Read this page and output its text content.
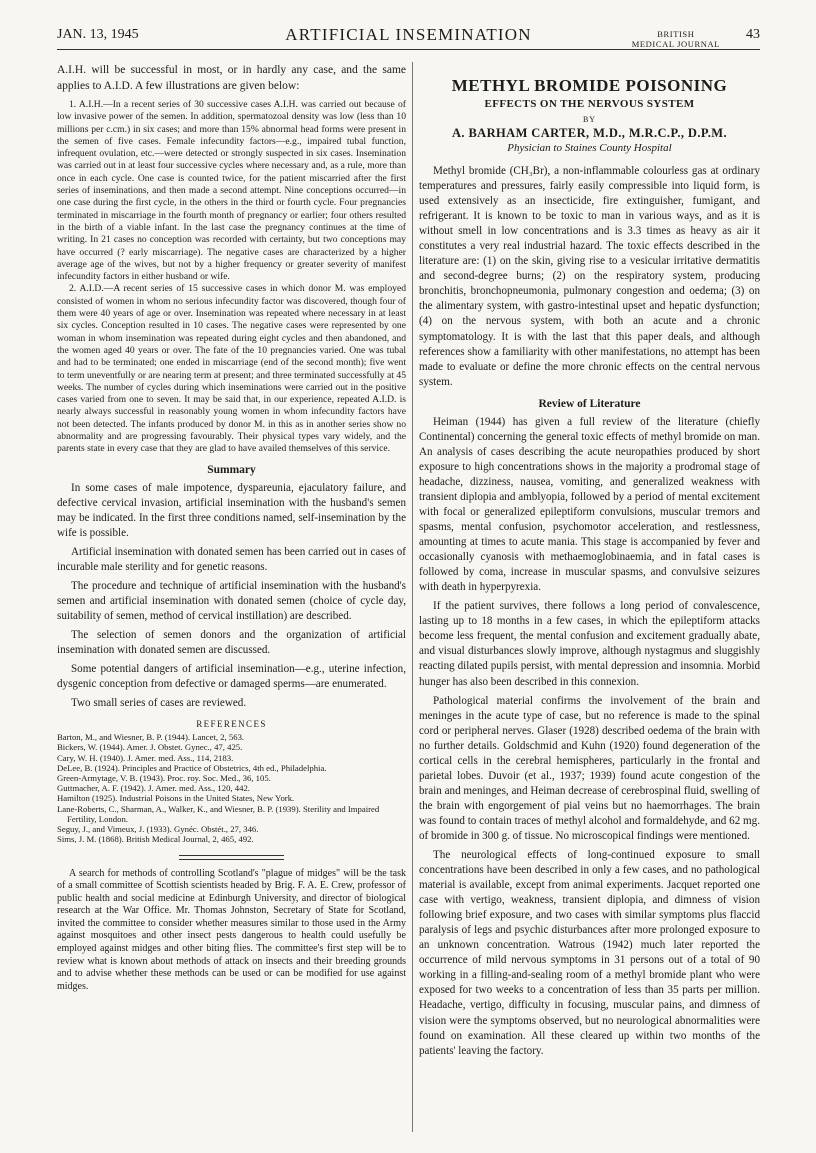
JAN. 13, 1945	ARTIFICIAL INSEMINATION	BRITISH
MEDICAL JOURNAL
43

A.I.H. will be successful in most, or in hardly any case, and the same applies to A.I.D. A few illustrations are given below:

1. A.I.H.—In a recent series of 30 successive cases A.I.H. was carried out because of low invasive power of the semen. In addition, spermatozoal density was low (less than 10 millions per c.cm.) in six cases; and more than 15% abnormal head forms were present in the semen of five cases. Female infecundity factors—e.g., impaired tubal function, infrequent ovulation, etc.—were detected or strongly suspected in six cases. Insemination was carried out in at least four successive cycles where necessary and, as a rule, more than once in each cycle. One case is counted twice, for the patient miscarried after the first series of inseminations, and then made a second attempt. Nine conceptions occurred—in one case during the first cycle, in the others in the third or fourth cycle. Four pregnancies terminated in miscarriage in the fourth month of pregnancy or earlier; four others resulted in the birth of a viable infant. In the last case the pregnancy continues at the time of writing. In 21 cases no conception was recorded with certainty, but two conceptions may have occurred (? early miscarriage). The negative cases are characterized by a higher average age of the wives, but not by a higher frequency or greater severity of manifest infecundity factors in either husband or wife.

2. A.I.D.—A recent series of 15 successive cases in which donor M. was employed consisted of women in whom no serious infecundity factor was discovered, though four of them were 40 years of age or over. Insemination was repeated where necessary in at least six cycles. Conception resulted in 10 cases. The negative cases were represented by one woman in whom insemination was repeated during eight cycles and then abandoned, and the women aged 40 years or over. The fate of the 10 pregnancies varied. One was tubal and had to be terminated; one ended in miscarriage (end of the second month); five went to term uneventfully or are nearing term at present; and three terminated successfully at 45 weeks. The number of cycles during which inseminations were carried out in the positive cases varied from one to seven. It may be said that, in our experience, repeated A.I.D. is nearly always successful in reasonably young women in whom infecundity factors have not been detected. The infants produced by donor M. in this as in another series show no abnormality and are progressing favourably. Their physical types vary widely, and the parents state in every case that they are glad to have availed themselves of this service.

Summary

In some cases of male impotence, dyspareunia, ejaculatory failure, and defective cervical invasion, artificial insemination with the husband's semen may be indicated. In the first three conditions named, self-insemination by the wife is possible.

Artificial insemination with donated semen has been carried out in cases of incurable male sterility and for genetic reasons.

The procedure and technique of artificial insemination with the husband's semen and artificial insemination with donated semen (choice of cycle day, suitability of semen, method of cervical instillation) are described.

The selection of semen donors and the organization of artificial insemination with donated semen are discussed.

Some potential dangers of artificial insemination—e.g., uterine infection, dysgenic conception from defective or damaged sperms—are enumerated.

Two small series of cases are reviewed.

REFERENCES
Barton, M., and Wiesner, B. P. (1944). Lancet, 2, 563.
Bickers, W. (1944). Amer. J. Obstet. Gynec., 47, 425.
Cary, W. H. (1940). J. Amer. med. Ass., 114, 2183.
DeLee, B. (1924). Principles and Practice of Obstetrics, 4th ed., Philadelphia.
Green-Armytage, V. B. (1943). Proc. roy. Soc. Med., 36, 105.
Guttmacher, A. F. (1942). J. Amer. med. Ass., 120, 442.
Hamilton (1925). Industrial Poisons in the United States, New York.
Lane-Roberts, C., Sharman, A., Walker, K., and Wiesner, B. P. (1939). Sterility and Impaired Fertility, London.
Seguy, J., and Vimeux, J. (1933). Gynéc. Obstét., 27, 346.
Sims, J. M. (1868). British Medical Journal, 2, 465, 492.

A search for methods of controlling Scotland's "plague of midges" will be the task of a small committee of Scottish scientists headed by Brig. F. A. E. Crew, professor of public health and social medicine at Edinburgh University, and director of biological research at the War Office. Mr. Thomas Johnston, Secretary of State for Scotland, invited the committee to consider whether measures similar to those used in the Army against mosquitoes and other insect pests dangerous to health could usefully be employed against midges and other biting flies. The committee's first step will be to review what is known about methods of attack on insects and their breeding grounds and to advise whether these methods can be used or can be modified for use against midges.

METHYL BROMIDE POISONING
EFFECTS ON THE NERVOUS SYSTEM
BY
A. BARHAM CARTER, M.D., M.R.C.P., D.P.M.
Physician to Staines County Hospital

Methyl bromide (CH₃Br), a non-inflammable colourless gas at ordinary temperatures and pressures, fairly easily compressible into liquid form, is used extensively as an insecticide, fire extinguisher, fumigant, and refrigerant. It is known to be toxic to man in various ways, and as it is without smell in low concentrations and is 3.3 times as heavy as air it constitutes a very real industrial hazard. The toxic effects described in the literature are: (1) on the skin, giving rise to a vesicular irritative dermatitis and second-degree burns; (2) on the respiratory system, producing bronchitis, bronchopneumonia, pulmonary congestion and oedema; (3) on the alimentary system, with gastro-intestinal upset and hepatic dysfunction; (4) on the nervous system, with both an acute and a chronic symptomatology. It is with the last that this paper deals, and although references show a familiarity with other manifestations, no attempt has been made to evaluate or define the more chronic effects on the central nervous system.

Review of Literature

Heiman (1944) has given a full review of the literature (chiefly Continental) concerning the general toxic effects of methyl bromide on man. An analysis of cases describing the acute neuropathies produced by short exposure to high concentrations shows in the majority a prodromal stage of headache, dizziness, nausea, vomiting, and generalized weakness with transient diplopia and amblyopia, followed by a period of mental excitement with focal or generalized epileptiform convulsions, muscular tremors and spasms, mental confusion, psychomotor acceleration, and restlessness, amounting at times to acute mania. This stage is accompanied by fever and occasionally cyanosis with methaemoglobinaemia, and in fatal cases is followed by coma, increase in muscular spasms, and convulsive seizures with death in hyperpyrexia.

If the patient survives, there follows a long period of convalescence, lasting up to 18 months in a few cases, in which the epileptiform attacks become less frequent, the mental confusion and excitement gradually abate, and visual disturbances slowly improve, although nystagmus and sluggishly reacting dilated pupils persist, with mental depression and insomnia. Morbid hunger has also been described in this connexion.

Pathological material confirms the involvement of the brain and meninges in the acute type of case, but no reference is made to the spinal cord or peripheral nerves. Glaser (1928) described oedema of the brain with no further details. Goldschmid and Kuhn (1920) found degeneration of the cortical cells in the cerebral hemispheres, particularly in the frontal and parietal lobes. Duvoir (et al., 1937; 1939) found acute congestion of the brain and meninges, and Heiman decrease of cerebrospinal fluid, swelling of the brain with engorgement of pial veins but no haemorrhages. The brain was found to contain traces of methyl alcohol and formaldehyde, and 62 mg. of bromide in 300 g. of tissue. No microscopical findings were mentioned.

The neurological effects of long-continued exposure to small concentrations have been described in only a few cases, and no pathological material is available, except from animal experiments. Jacquet reported one case with vertigo, weakness, transient diplopia, and dimness of vision following brief exposure, and two cases with similar symptoms plus flaccid paralysis of legs and psychic disturbances after more prolonged exposure to an unknown concentration. Watrous (1942) much later reported the occurrence of mild nervous symptoms in 31 persons out of a total of 90 working in a filling-and-sealing room of a methyl bromide plant who were exposed for two weeks to a concentration of less than 35 parts per million. Headache, vertigo, difficulty in focusing, muscular pains, and dimness of vision were the symptoms observed, but no neurological abnormalities were found on examination. All these cleared up within two months of the patients' leaving the factory.
